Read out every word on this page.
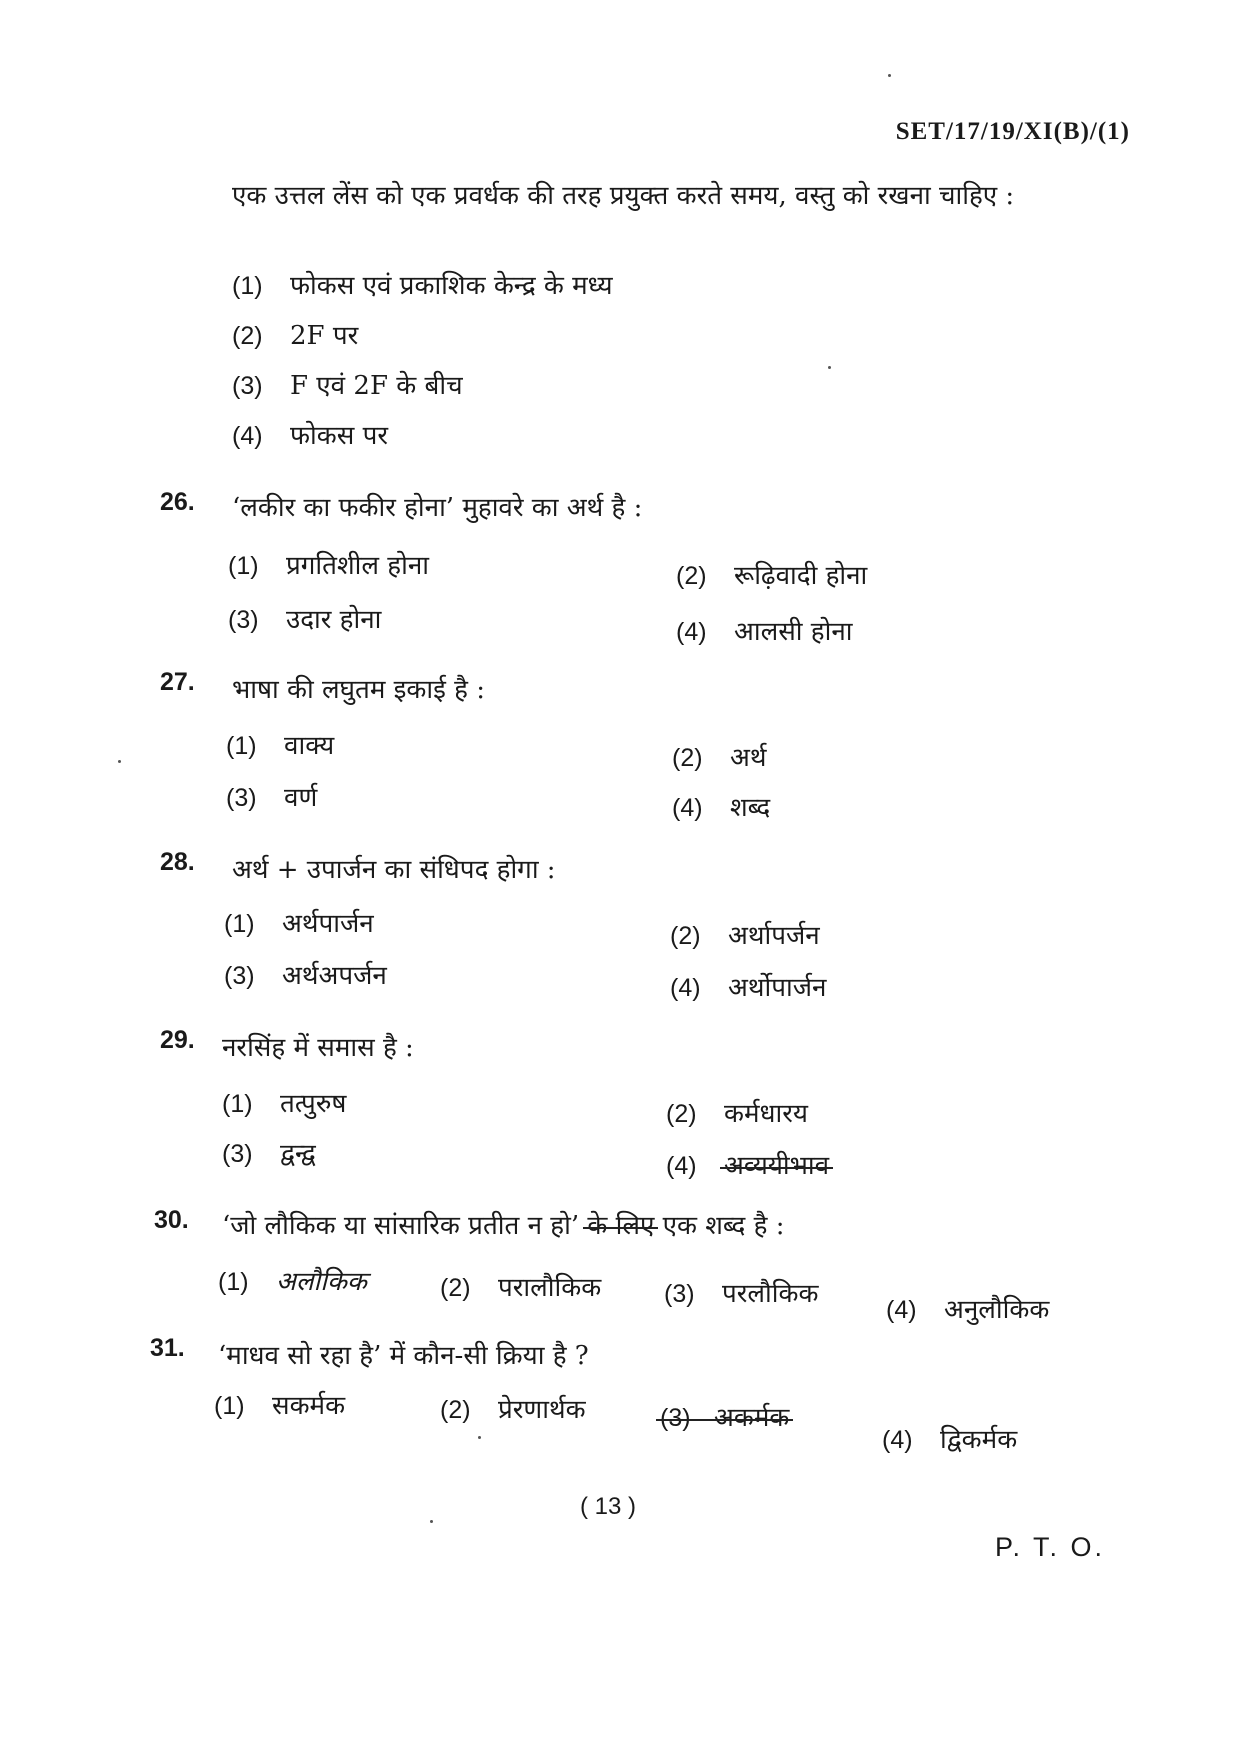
SET/17/19/XI(B)/(1)
एक उत्तल लेंस को एक प्रवर्धक की तरह प्रयुक्त करते समय, वस्तु को रखना चाहिए :
(1) फोकस एवं प्रकाशिक केन्द्र के मध्य
(2) 2F पर
(3) F एवं 2F के बीच
(4) फोकस पर
26. ‘लकीर का फकीर होना’ मुहावरे का अर्थ है :
(1) प्रगतिशील होना	(2) रूढ़िवादी होना
(3) उदार होना	(4) आलसी होना
27. भाषा की लघुतम इकाई है :
(1) वाक्य	(2) अर्थ
(3) वर्ण	(4) शब्द
28. अर्थ + उपार्जन का संधिपद होगा :
(1) अर्थपार्जन	(2) अर्थापर्जन
(3) अर्थअपर्जन	(4) अर्थोपार्जन
29. नरसिंह में समास है :
(1) तत्पुरुष	(2) कर्मधारय
(3) द्वन्द्व	(4) अव्ययीभाव
30. ‘जो लौकिक या सांसारिक प्रतीत न हो’ के लिए एक शब्द है :
(1) अलौकिक	(2) परालौकिक	(3) परलौकिक
(4) अनुलौकिक
31. ‘माधव सो रहा है’ में कौन-सी क्रिया है ?
(1) सकर्मक	(2) प्रेरणार्थक	(3) अकर्मक
(4) द्विकर्मक
( 13 )
P. T. O.
